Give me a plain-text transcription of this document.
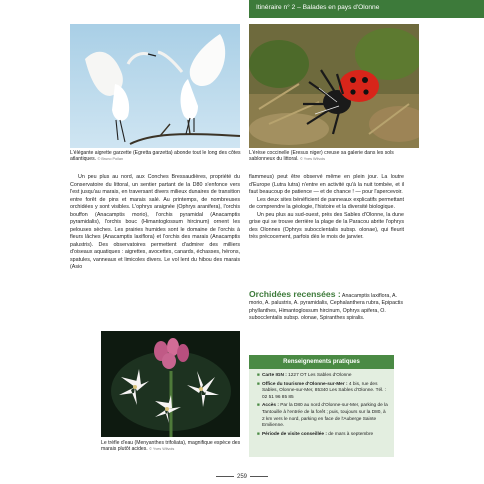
Itinéraire n° 2 – Balades en pays d'Olonne
L'élégante aigrette garzette (Egretta garzetta) abonde tout le long des côtes atlantiques. © Bruno Poilan
L'érèse coccinelle (Eresus niger) creuse sa galerie dans les sols sablonneux du littoral. © Yves Wilvois

Un peu plus au nord, aux Conches Bressaudières, propriété du Conservatoire du littoral, un sentier partant de la D80 s'enfonce vers l'est jusqu'au marais, en traversant divers milieux dunaires de transition entre forêt de pins et marais salé. Au printemps, de nombreuses orchidées y sont visibles. L'ophrys araignée (Ophrys aranifera), l'orchis bouffon (Anacamptis morio), l'orchis pyramidal (Anacamptis pyramidalis), l'orchis bouc (Himantoglossum hircinum) ornent les pelouses sèches. Les prairies humides sont le domaine de l'orchis à fleurs lâches (Anacamptis laxiflora) et l'orchis des marais (Anacamptis palustris). Des observatoires permettent d'admirer des milliers d'oiseaux aquatiques : aigrettes, avocettes, canards, échasses, hérons, spatules, vanneaux et limicoles divers. Le vol lent du hibou des marais (Asio

flammeus) peut être observé même en plein jour. La loutre d'Europe (Lutra lutra) n'entre en activité qu'à la nuit tombée, et il faut beaucoup de patience — et de chance ! — pour l'apercevoir.

Les deux sites bénéficient de panneaux explicatifs permettant de comprendre la géologie, l'histoire et la diversité biologique.

Un peu plus au sud-ouest, près des Sables d'Olonne, la dune grise qui se trouve derrière la plage de la Paracou abrite l'ophrys des Olonnes (Ophrys subocclentalis subsp. olonae), qui fleurit très précocement, parfois dès le mois de janvier.

Orchidées recensées : Anacamptis laxiflora, A. morio, A. palustris, A. pyramidalis, Cephalanthera rubra, Epipactis phyllanthes, Himantoglossum hircinum, Ophrys apifera, O. subocclentalis subsp. olonae, Spiranthes spiralis.
Le trèfle d'eau (Menyanthes trifoliata), magnifique espèce des marais plutôt acides. © Yves Wilvois
Renseignements pratiques
■ Carte IGN : 1227 OT Les Sables d'Olonne
■ Office du tourisme d'Olonne-sur-Mer : 4 bis, rue des Sables, Olonne-sur-Mer, 85340 Les Sables d'Olonne. Tél. : 02 51 96 85 85
■ Accès : Par la D80 au nord d'Olonne-sur-Mer, parking de la Tantouille à l'entrée de la forêt ; puis, toujours sur la D80, à 2 km vers le nord, parking en face de l'Auberge Sainte Emilienne.
■ Période de visite conseillée : de mars à septembre
259
